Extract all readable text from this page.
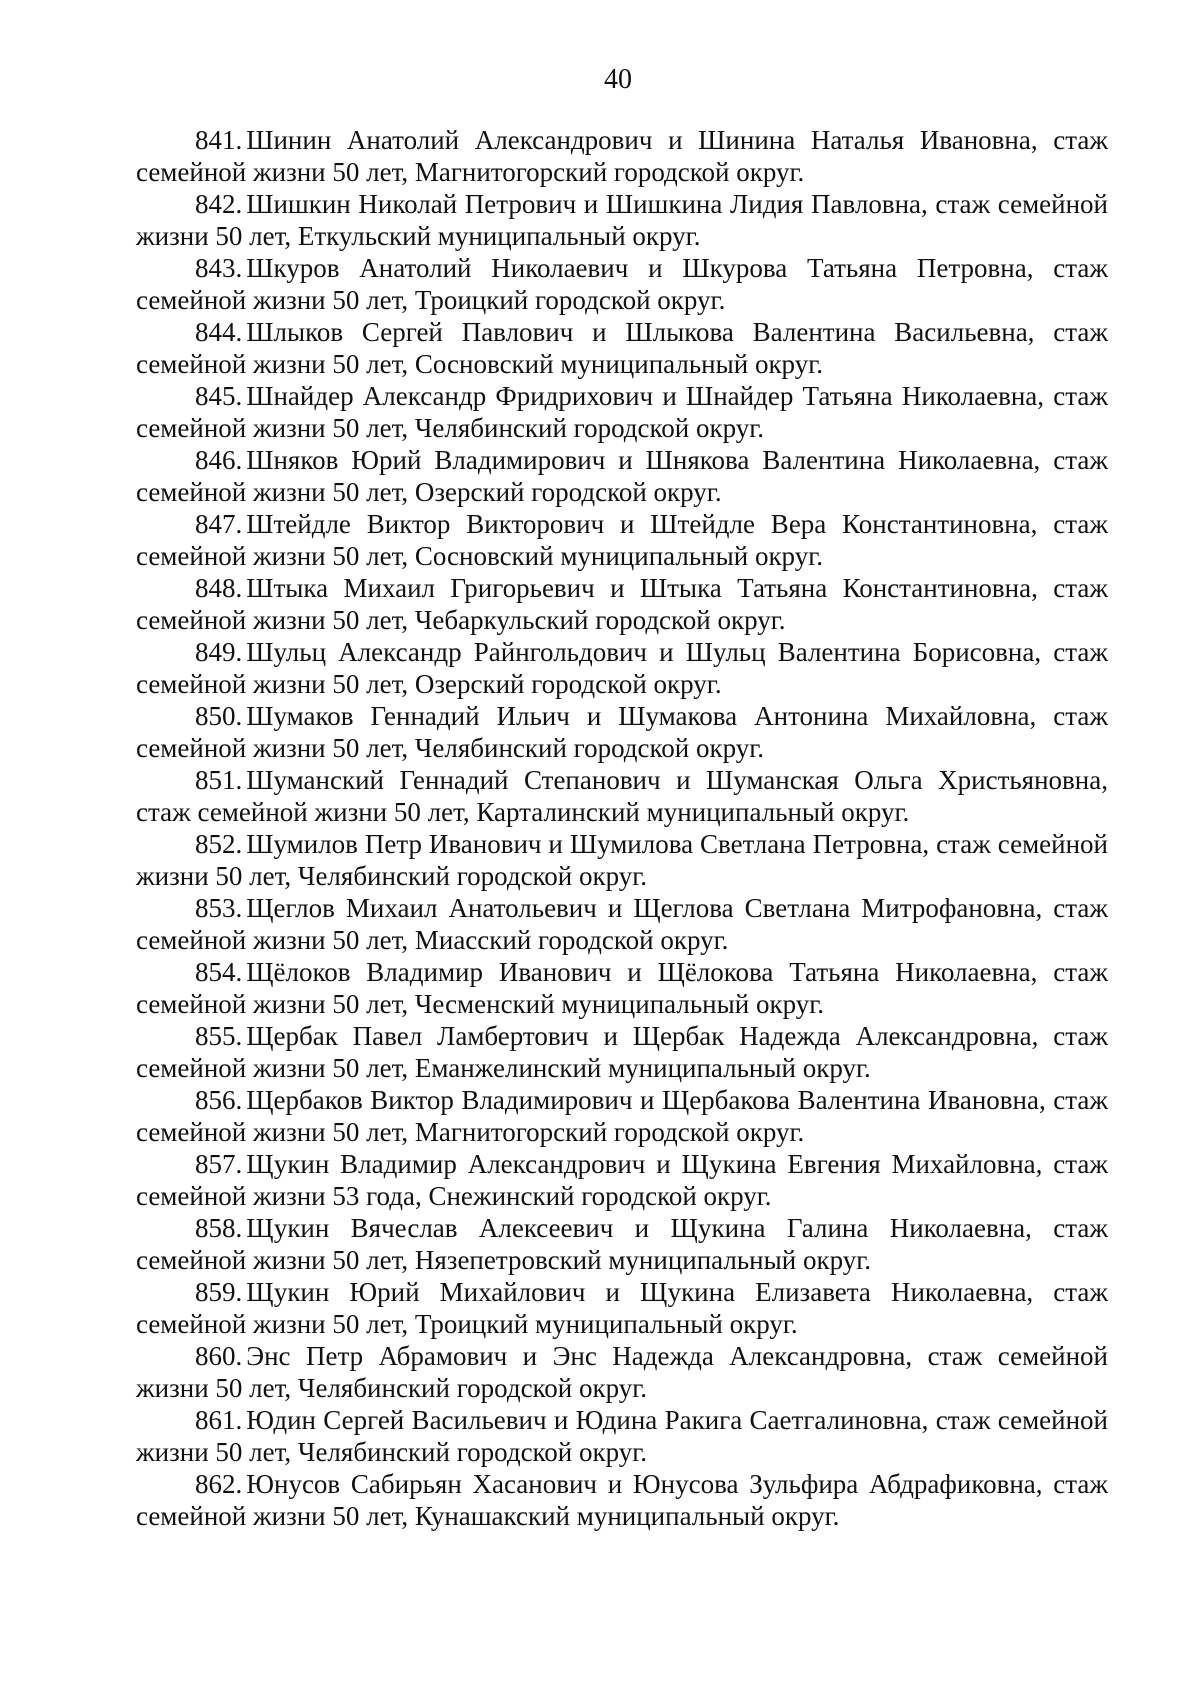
40

841. Шинин Анатолий Александрович и Шинина Наталья Ивановна, стаж семейной жизни 50 лет, Магнитогорский городской округ.

842. Шишкин Николай Петрович и Шишкина Лидия Павловна, стаж семейной жизни 50 лет, Еткульский муниципальный округ.

843. Шкуров Анатолий Николаевич и Шкурова Татьяна Петровна, стаж семейной жизни 50 лет, Троицкий городской округ.

844. Шлыков Сергей Павлович и Шлыкова Валентина Васильевна, стаж семейной жизни 50 лет, Сосновский муниципальный округ.

845. Шнайдер Александр Фридрихович и Шнайдер Татьяна Николаевна, стаж семейной жизни 50 лет, Челябинский городской округ.

846. Шняков Юрий Владимирович и Шнякова Валентина Николаевна, стаж семейной жизни 50 лет, Озерский городской округ.

847. Штейдле Виктор Викторович и Штейдле Вера Константиновна, стаж семейной жизни 50 лет, Сосновский муниципальный округ.

848. Штыка Михаил Григорьевич и Штыка Татьяна Константиновна, стаж семейной жизни 50 лет, Чебаркульский городской округ.

849. Шульц Александр Райнгольдович и Шульц Валентина Борисовна, стаж семейной жизни 50 лет, Озерский городской округ.

850. Шумаков Геннадий Ильич и Шумакова Антонина Михайловна, стаж семейной жизни 50 лет, Челябинский городской округ.

851. Шуманский Геннадий Степанович и Шуманская Ольга Христьяновна, стаж семейной жизни 50 лет, Карталинский муниципальный округ.

852. Шумилов Петр Иванович и Шумилова Светлана Петровна, стаж семейной жизни 50 лет, Челябинский городской округ.

853. Щеглов Михаил Анатольевич и Щеглова Светлана Митрофановна, стаж семейной жизни 50 лет, Миасский городской округ.

854. Щёлоков Владимир Иванович и Щёлокова Татьяна Николаевна, стаж семейной жизни 50 лет, Чесменский муниципальный округ.

855. Щербак Павел Ламбертович и Щербак Надежда Александровна, стаж семейной жизни 50 лет, Еманжелинский муниципальный округ.

856. Щербаков Виктор Владимирович и Щербакова Валентина Ивановна, стаж семейной жизни 50 лет, Магнитогорский городской округ.

857. Щукин Владимир Александрович и Щукина Евгения Михайловна, стаж семейной жизни 53 года, Снежинский городской округ.

858. Щукин Вячеслав Алексеевич и Щукина Галина Николаевна, стаж семейной жизни 50 лет, Нязепетровский муниципальный округ.

859. Щукин Юрий Михайлович и Щукина Елизавета Николаевна, стаж семейной жизни 50 лет, Троицкий муниципальный округ.

860. Энс Петр Абрамович и Энс Надежда Александровна, стаж семейной жизни 50 лет, Челябинский городской округ.

861. Юдин Сергей Васильевич и Юдина Ракига Саетгалиновна, стаж семейной жизни 50 лет, Челябинский городской округ.

862. Юнусов Сабирьян Хасанович и Юнусова Зульфира Абдрафиковна, стаж семейной жизни 50 лет, Кунашакский муниципальный округ.
